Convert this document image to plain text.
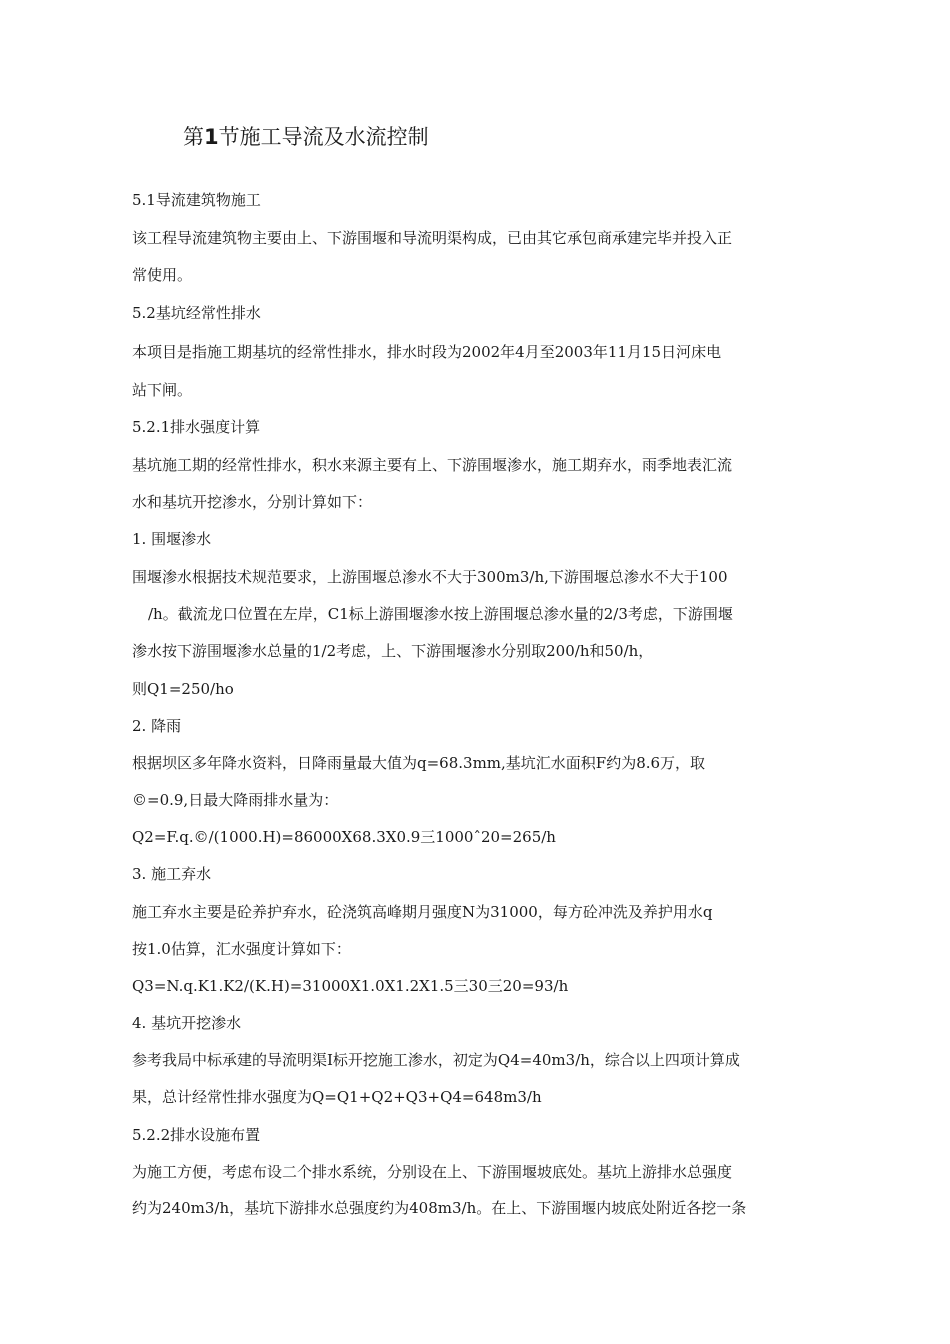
第1节施工导流及水流控制

5.1导流建筑物施工

该工程导流建筑物主要由上、下游围堰和导流明渠构成，已由其它承包商承建完毕并投入正

常使用。

5.2基坑经常性排水

本项目是指施工期基坑的经常性排水，排水时段为2002年4月至2003年11月15日河床电

站下闸。

5.2.1排水强度计算

基坑施工期的经常性排水，积水来源主要有上、下游围堰渗水，施工期弃水，雨季地表汇流

水和基坑开挖渗水，分别计算如下：

1. 围堰渗水

围堰渗水根据技术规范要求，上游围堰总渗水不大于300m3/h,下游围堰总渗水不大于100

/h。截流龙口位置在左岸，C1标上游围堰渗水按上游围堰总渗水量的2/3考虑，下游围堰

渗水按下游围堰渗水总量的1/2考虑，上、下游围堰渗水分别取200/h和50/h，

则Q1=250/ho

2. 降雨

根据坝区多年降水资料，日降雨量最大值为q=68.3mm,基坑汇水面积F约为8.6万，取

©=0.9,日最大降雨排水量为：

Q2=F.q.©/(1000.H)=86000X68.3X0.9三1000ˆ20=265/h

3. 施工弃水

施工弃水主要是砼养护弃水，砼浇筑高峰期月强度N为31000，每方砼冲洗及养护用水q

按1.0估算，汇水强度计算如下：

Q3=N.q.K1.K2/(K.H)=31000X1.0X1.2X1.5三30三20=93/h

4. 基坑开挖渗水

参考我局中标承建的导流明渠I标开挖施工渗水，初定为Q4=40m3/h，综合以上四项计算成

果，总计经常性排水强度为Q=Q1+Q2+Q3+Q4=648m3/h

5.2.2排水设施布置

为施工方便，考虑布设二个排水系统，分别设在上、下游围堰坡底处。基坑上游排水总强度

约为240m3/h，基坑下游排水总强度约为408m3/h。在上、下游围堰内坡底处附近各挖一条
